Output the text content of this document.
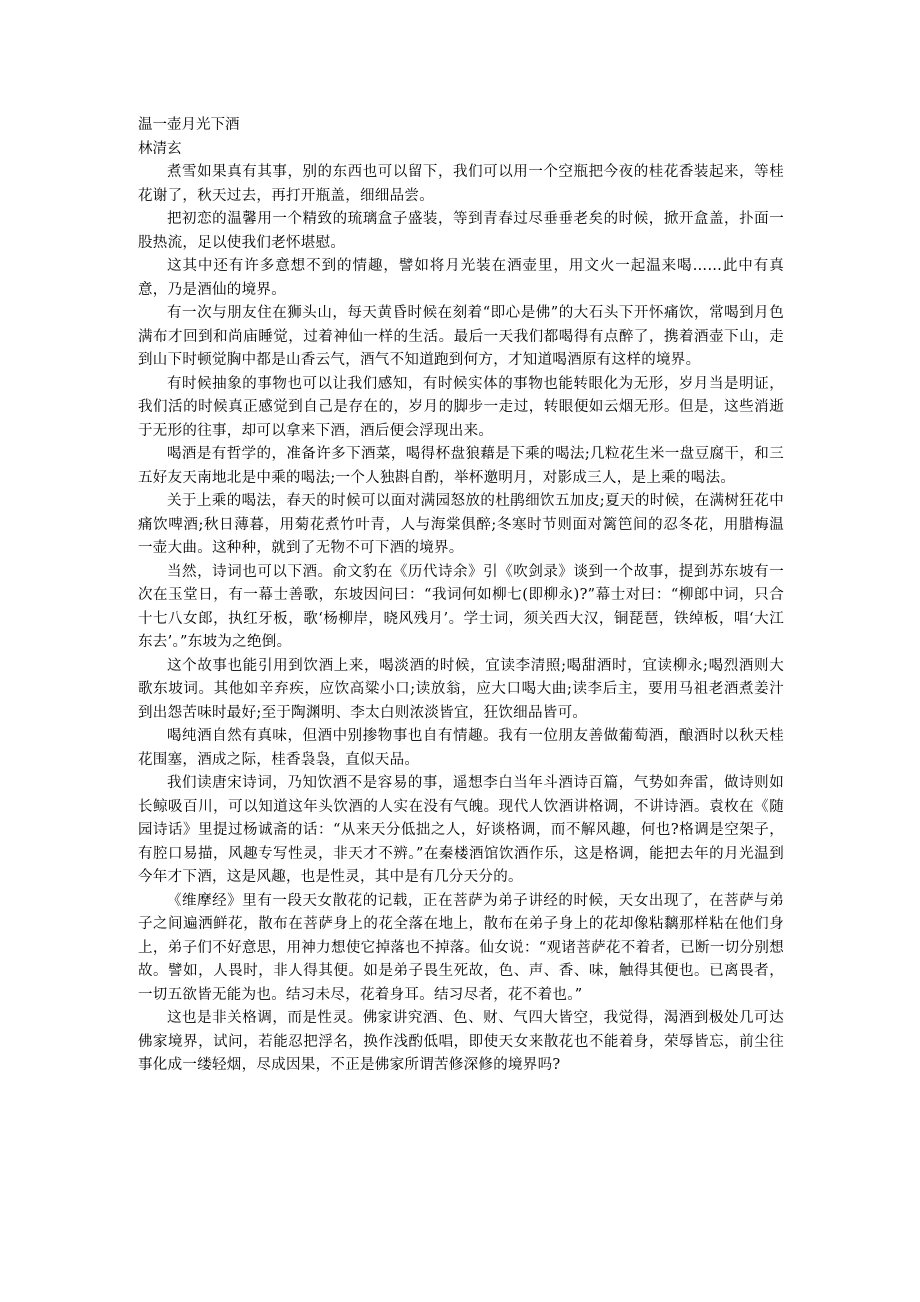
温一壶月光下酒

林清玄

煮雪如果真有其事，别的东西也可以留下，我们可以用一个空瓶把今夜的桂花香装起来，等桂花谢了，秋天过去，再打开瓶盖，细细品尝。

把初恋的温馨用一个精致的琉璃盒子盛装，等到青春过尽垂垂老矣的时候，掀开盒盖，扑面一股热流，足以使我们老怀堪慰。

这其中还有许多意想不到的情趣，譬如将月光装在酒壶里，用文火一起温来喝……此中有真意，乃是酒仙的境界。

有一次与朋友住在狮头山，每天黄昏时候在刻着“即心是佛”的大石头下开怀痛饮，常喝到月色满布才回到和尚庙睡觉，过着神仙一样的生活。最后一天我们都喝得有点醉了，携着酒壶下山，走到山下时顿觉胸中都是山香云气，酒气不知道跑到何方，才知道喝酒原有这样的境界。

有时候抽象的事物也可以让我们感知，有时候实体的事物也能转眼化为无形，岁月当是明证，我们活的时候真正感觉到自己是存在的，岁月的脚步一走过，转眼便如云烟无形。但是，这些消逝于无形的往事，却可以拿来下酒，酒后便会浮现出来。

喝酒是有哲学的，准备许多下酒菜，喝得杯盘狼藉是下乘的喝法;几粒花生米一盘豆腐干，和三五好友天南地北是中乘的喝法;一个人独斟自酌，举杯邀明月，对影成三人，是上乘的喝法。

关于上乘的喝法，春天的时候可以面对满园怒放的杜鹃细饮五加皮;夏天的时候，在满树狂花中痛饮啤酒;秋日薄暮，用菊花煮竹叶青，人与海棠俱醉;冬寒时节则面对篱笆间的忍冬花，用腊梅温一壶大曲。这种种，就到了无物不可下酒的境界。

当然，诗词也可以下酒。俞文豹在《历代诗余》引《吹剑录》谈到一个故事，提到苏东坡有一次在玉堂日，有一幕士善歌，东坡因问曰：“我词何如柳七(即柳永)?”幕士对曰：“柳郎中词，只合十七八女郎，执红牙板，歌‘杨柳岸，晓风残月’。学士词，须关西大汉，铜琵琶，铁绰板，唱‘大江东去’。”东坡为之绝倒。

这个故事也能引用到饮酒上来，喝淡酒的时候，宜读李清照;喝甜酒时，宜读柳永;喝烈酒则大歌东坡词。其他如辛弃疾，应饮高粱小口;读放翁，应大口喝大曲;读李后主，要用马祖老酒煮姜汁到出怨苦味时最好;至于陶渊明、李太白则浓淡皆宜，狂饮细品皆可。

喝纯酒自然有真味，但酒中别掺物事也自有情趣。我有一位朋友善做葡萄酒，酿酒时以秋天桂花围塞，酒成之际，桂香袅袅，直似天品。

我们读唐宋诗词，乃知饮酒不是容易的事，遥想李白当年斗酒诗百篇，气势如奔雷，做诗则如长鲸吸百川，可以知道这年头饮酒的人实在没有气魄。现代人饮酒讲格调，不讲诗酒。袁枚在《随园诗话》里提过杨诚斋的话：“从来天分低拙之人，好谈格调，而不解风趣，何也?格调是空架子，有腔口易描，风趣专写性灵，非天才不辨。”在秦楼酒馆饮酒作乐，这是格调，能把去年的月光温到今年才下酒，这是风趣，也是性灵，其中是有几分天分的。

《维摩经》里有一段天女散花的记载，正在菩萨为弟子讲经的时候，天女出现了，在菩萨与弟子之间遍洒鲜花，散布在菩萨身上的花全落在地上，散布在弟子身上的花却像粘黐那样粘在他们身上，弟子们不好意思，用神力想使它掉落也不掉落。仙女说：“观诸菩萨花不着者，已断一切分别想故。譬如，人畏时，非人得其便。如是弟子畏生死故，色、声、香、味，触得其便也。已离畏者，一切五欲皆无能为也。结习未尽，花着身耳。结习尽者，花不着也。”

这也是非关格调，而是性灵。佛家讲究酒、色、财、气四大皆空，我觉得，渴酒到极处几可达佛家境界，试问，若能忍把浮名，换作浅酌低唱，即使天女来散花也不能着身，荣辱皆忘，前尘往事化成一缕轻烟，尽成因果，不正是佛家所谓苦修深修的境界吗?
